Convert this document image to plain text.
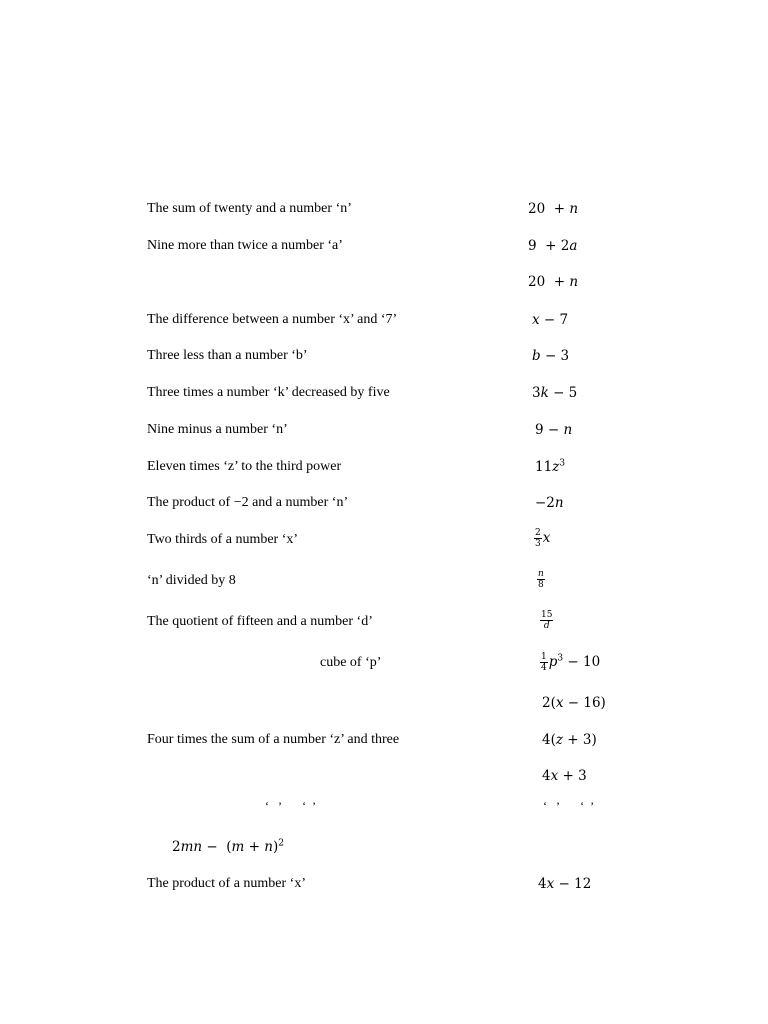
The sum of twenty and a number ‘n’	20  + n
Nine more than twice a number ‘a’	9  + 2a
20  + n
The difference between a number ‘x’ and ‘7’	x − 7
Three less than a number ‘b’	b − 3
Three times a number ‘k’ decreased by five	3k − 5
Nine minus a number ‘n’	9 − n
Eleven times ‘z’ to the third power	$11z^3$
The product of −2 and a number ‘n’	−2n
Two thirds of a number ‘x’	$\frac{2}{3}$ x
‘n’ divided by 8	$\frac{n}{8}$
The quotient of fifteen and a number ‘d’	$\frac{15}{d}$
cube of ‘p’	$\frac{1}{4} p^3 - 10$
2(x − 16)
Four times the sum of a number ‘z’ and three	4(z + 3)
4x + 3
‘   ’       ‘  ’	‘   ’       ‘  ’
$2mn - (m + n)^2$
The product of a number ‘x’	4x − 12
